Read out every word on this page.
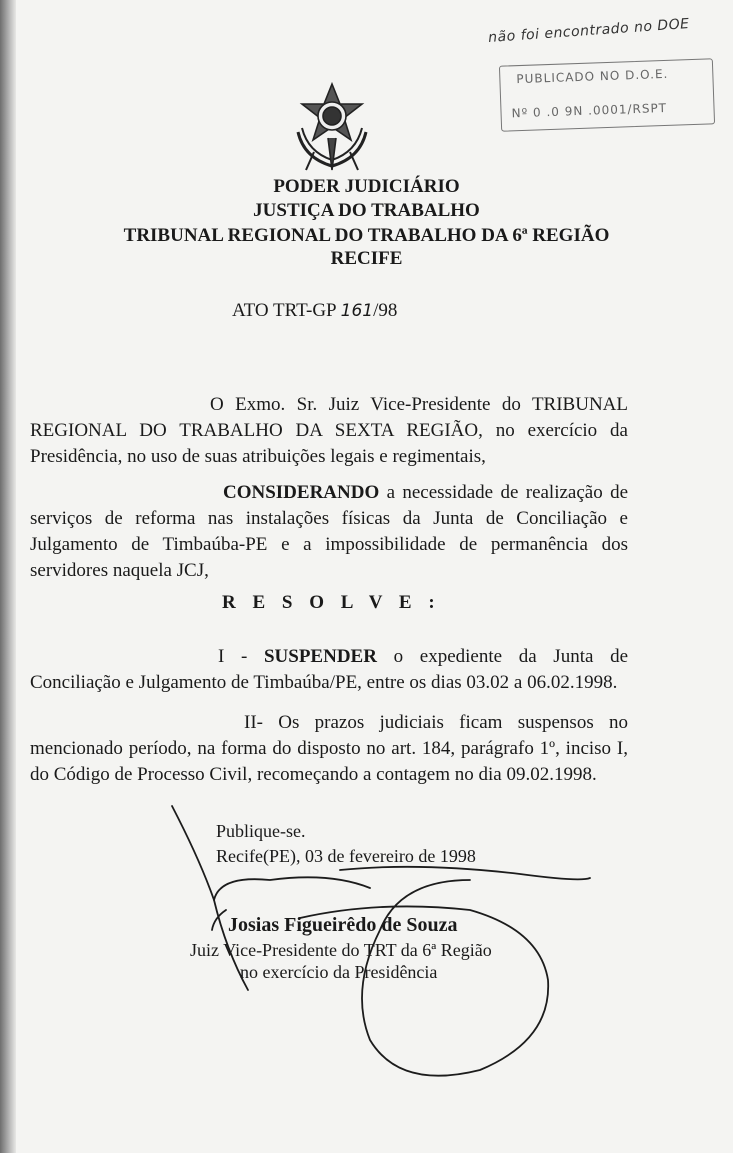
não foi encontrado no DOE
PUBLICADO NO D.O.E.
Nº 0 .0 9N .0001/RSPT
PODER JUDICIÁRIO
JUSTIÇA DO TRABALHO
TRIBUNAL REGIONAL DO TRABALHO DA 6ª REGIÃO
RECIFE
ATO TRT-GP 161/98
O Exmo. Sr. Juiz Vice-Presidente do TRIBUNAL REGIONAL DO TRABALHO DA SEXTA REGIÃO, no exercício da Presidência, no uso de suas atribuições legais e regimentais,
CONSIDERANDO a necessidade de realização de serviços de reforma nas instalações físicas da Junta de Conciliação e Julgamento de Timbaúba-PE e a impossibilidade de permanência dos servidores naquela JCJ,
R E S O L V E :
I - SUSPENDER o expediente da Junta de Conciliação e Julgamento de Timbaúba/PE, entre os dias 03.02 a 06.02.1998.
II- Os prazos judiciais ficam suspensos no mencionado período, na forma do disposto no art. 184, parágrafo 1º, inciso I, do Código de Processo Civil, recomeçando a contagem no dia 09.02.1998.
Publique-se.
Recife(PE), 03 de fevereiro de 1998
Josias Figueirêdo de Souza
Juiz Vice-Presidente do TRT da 6ª Região
no exercício da Presidência
